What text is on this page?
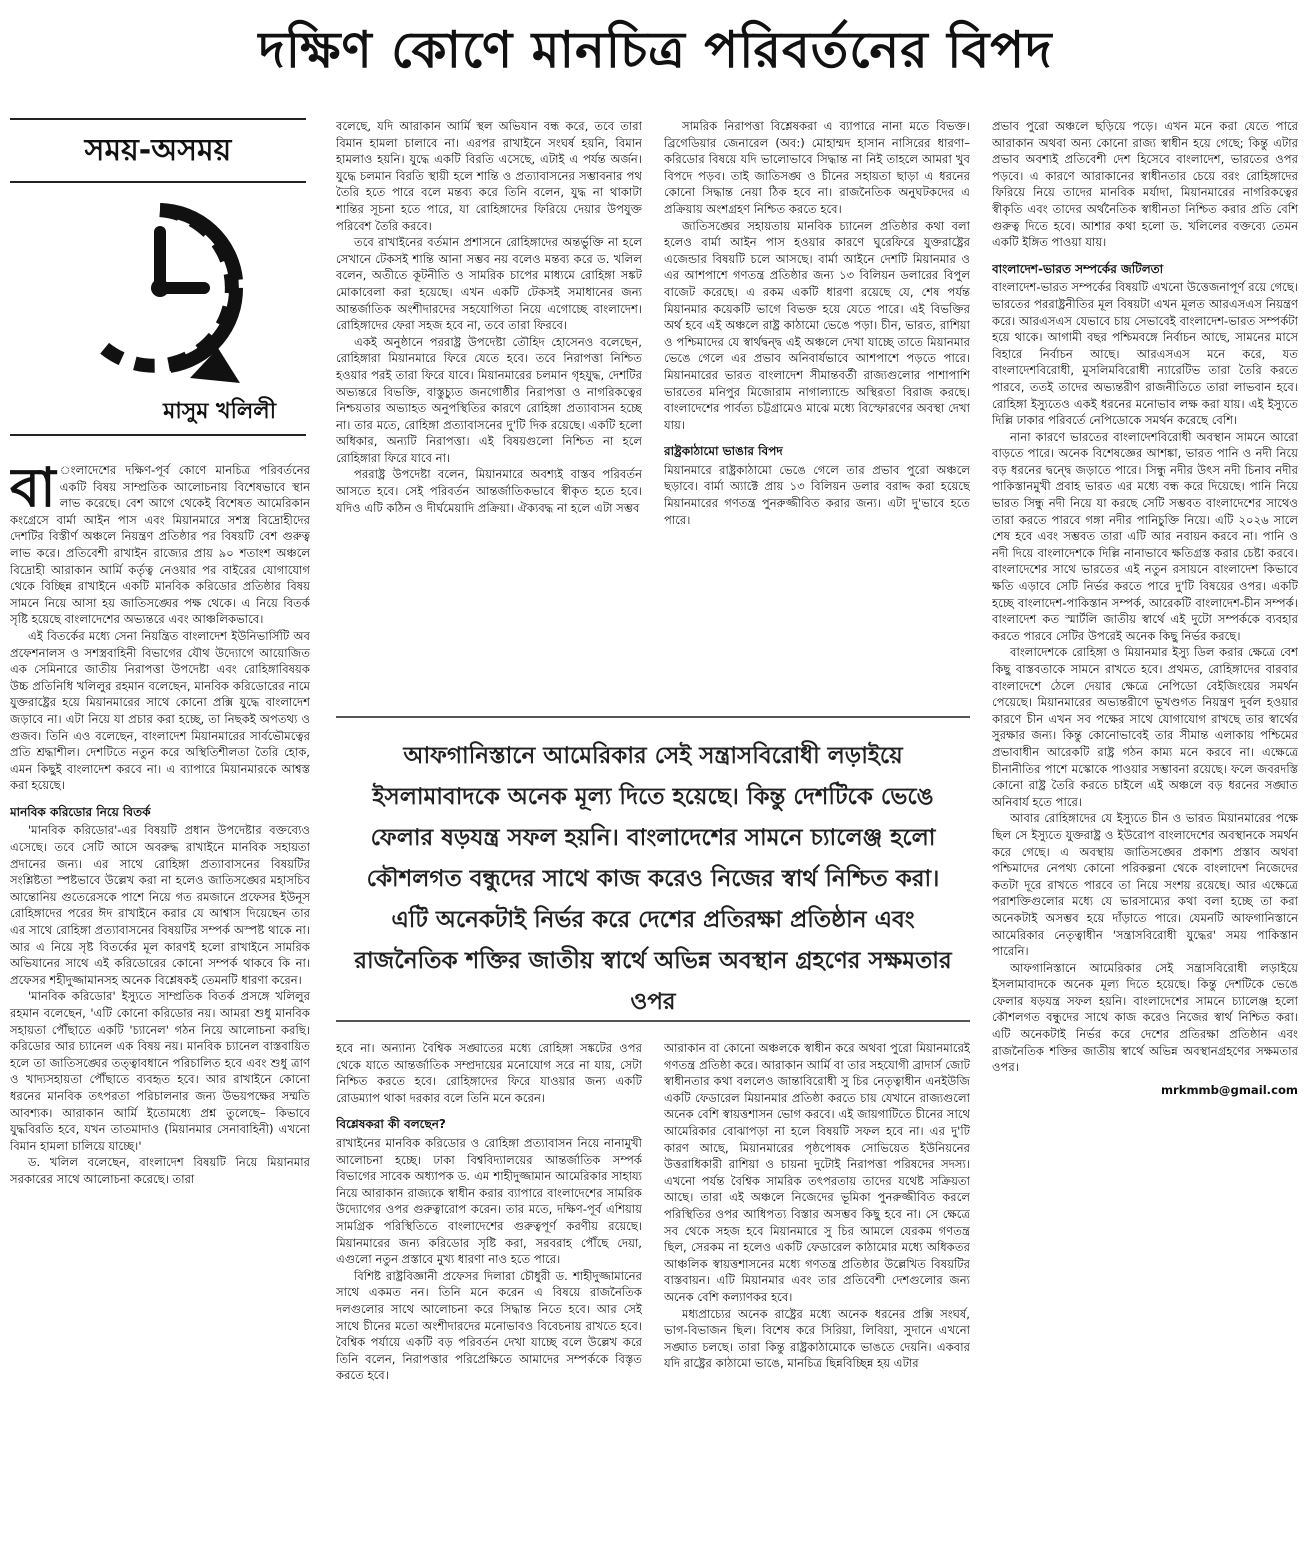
দক্ষিণ কোণে মানচিত্র পরিবর্তনের বিপদ
সময়-অসময়
মাসুম খলিলী
বা ংলাদেশের দক্ষিণ-পূর্ব কোণে মানচিত্র পরিবর্তনের একটি বিষয় সাম্প্রতিক আলোচনায় বিশেষভাবে স্থান লাভ করেছে। বেশ আগে থেকেই বিশেষত আমেরিকান কংগ্রেসে বার্মা আইন পাস এবং মিয়ানমারে সশস্ত্র বিদ্রোহীদের দেশটির বিস্তীর্ণ অঞ্চলে নিয়ন্ত্রণ প্রতিষ্ঠার পর বিষয়টি বেশ গুরুত্ব লাভ করে। প্রতিবেশী রাখাইন রাজ্যের প্রায় ৯০ শতাংশ অঞ্চলে বিদ্রোহী আরাকান আর্মি কর্তৃত্ব নেওয়ার পর বাইরের যোগাযোগ থেকে বিচ্ছিন্ন রাখাইনে একটি মানবিক করিডোর প্রতিষ্ঠার বিষয় সামনে নিয়ে আসা হয় জাতিসঙ্ঘের পক্ষ থেকে। এ নিয়ে বিতর্ক সৃষ্টি হয়েছে বাংলাদেশের অভ্যন্তরে এবং আঞ্চলিকভাবে।

এই বিতর্কের মধ্যে সেনা নিয়ন্ত্রিত বাংলাদেশ ইউনিভার্সিটি অব প্রফেশনালস ও সশস্ত্রবাহিনী বিভাগের যৌথ উদ্যোগে আয়োজিত এক সেমিনারে জাতীয় নিরাপত্তা উপদেষ্টা এবং রোহিঙ্গাবিষয়ক উচ্চ প্রতিনিধি খলিলুর রহমান বলেছেন, মানবিক করিডোরের নামে যুক্তরাষ্ট্রের হয়ে মিয়ানমারের সাথে কোনো প্রক্সি যুদ্ধে বাংলাদেশ জড়াবে না। এটা নিয়ে যা প্রচার করা হচ্ছে, তা নিছকই অপতথ্য ও গুজব। তিনি এও বলেছেন, বাংলাদেশ মিয়ানমারের সার্বভৌমত্বের প্রতি শ্রদ্ধাশীল। দেশটিতে নতুন করে অস্থিতিশীলতা তৈরি হোক, এমন কিছুই বাংলাদেশ করবে না। এ ব্যাপারে মিয়ানমারকে আশ্বস্ত করা হয়েছে।

মানবিক করিডোর নিয়ে বিতর্ক

'মানবিক করিডোর'-এর বিষয়টি প্রধান উপদেষ্টার বক্তব্যেও এসেছে। তবে সেটি আসে অবরুদ্ধ রাখাইনে মানবিক সহায়তা প্রদানের জন্য। এর সাথে রোহিঙ্গা প্রত্যাবাসনের বিষয়টির সংশ্লিষ্টতা স্পষ্টভাবে উল্লেখ করা না হলেও জাতিসঙ্ঘের মহাসচিব আন্তোনিয় গুতেরেসকে পাশে নিয়ে গত রমজানে প্রফেসর ইউনূস রোহিঙ্গাদের পরের ঈদ রাখাইনে করার যে আশ্বাস দিয়েছেন তার এর সাথে রোহিঙ্গা প্রত্যাবাসনের বিষয়টির সম্পর্ক অস্পষ্ট থাকে না। আর এ নিয়ে সৃষ্ট বিতর্কের মূল কারণই হলো রাখাইনে সামরিক অভিযানের সাথে এই করিডোরের কোনো সম্পর্ক থাকবে কি না। প্রফেসর শহীদুজ্জামানসহ অনেক বিশ্লেষকই তেমনটি ধারণা করেন।

'মানবিক করিডোর' ইস্যুতে সাম্প্রতিক বিতর্ক প্রসঙ্গে খলিলুর রহমান বলেছেন, 'এটি কোনো করিডোর নয়। আমরা শুধু মানবিক সহায়তা পৌঁছাতে একটি 'চ্যানেল' গঠন নিয়ে আলোচনা করছি। করিডোর আর চ্যানেল এক বিষয় নয়। মানবিক চ্যানেল বাস্তবায়িত হলে তা জাতিসঙ্ঘের তত্ত্বাবধানে পরিচালিত হবে এবং শুধু ত্রাণ ও খাদ্যসহায়তা পৌঁছাতে ব্যবহৃত হবে। আর রাখাইনে কোনো ধরনের মানবিক তৎপরতা পরিচালনার জন্য উভয়পক্ষের সম্মতি আবশ্যক। আরাকান আর্মি ইতোমধ্যে প্রশ্ন তুলেছে– কিভাবে যুদ্ধবিরতি হবে, যখন তাতমাদাও (মিয়ানমার সেনাবাহিনী) এখনো বিমান হামলা চালিয়ে যাচ্ছে।'

ড. খলিল বলেছেন, বাংলাদেশ বিষয়টি নিয়ে মিয়ানমার সরকারের সাথে আলোচনা করেছে। তারা

বলেছে, যদি আরাকান আর্মি স্থল অভিযান বন্ধ করে, তবে তারা বিমান হামলা চালাবে না। এরপর রাখাইনে সংঘর্ষ হয়নি, বিমান হামলাও হয়নি। যুদ্ধে একটি বিরতি এসেছে, এটাই এ পর্যন্ত অর্জন। যুদ্ধে চলমান বিরতি স্থায়ী হলে শান্তি ও প্রত্যাবাসনের সম্ভাবনার পথ তৈরি হতে পারে বলে মন্তব্য করে তিনি বলেন, যুদ্ধ না থাকাটা শান্তির সূচনা হতে পারে, যা রোহিঙ্গাদের ফিরিয়ে দেয়ার উপযুক্ত পরিবেশ তৈরি করবে।

তবে রাখাইনের বর্তমান প্রশাসনে রোহিঙ্গাদের অন্তর্ভুক্তি না হলে সেখানে টেকসই শান্তি আনা সম্ভব নয় বলেও মন্তব্য করে ড. খলিল বলেন, অতীতে কূটনীতি ও সামরিক চাপের মাধ্যমে রোহিঙ্গা সঙ্কট মোকাবেলা করা হয়েছে। এখন একটি টেকসই সমাধানের জন্য আন্তর্জাতিক অংশীদারদের সহযোগিতা নিয়ে এগোচ্ছে বাংলাদেশ। রোহিঙ্গাদের ফেরা সহজ হবে না, তবে তারা ফিরবে।

একই অনুষ্ঠানে পররাষ্ট্র উপদেষ্টা তৌহিদ হোসেনও বলেছেন, রোহিঙ্গারা মিয়ানমারে ফিরে যেতে হবে। তবে নিরাপত্তা নিশ্চিত হওয়ার পরই তারা ফিরে যাবে। মিয়ানমারের চলমান গৃহযুদ্ধ, দেশটির অভ্যন্তরে বিভক্তি, বাস্তুচ্যুত জনগোষ্ঠীর নিরাপত্তা ও নাগরিকত্বের নিশ্চয়তার অভ্যাহত অনুপস্থিতির কারণে রোহিঙ্গা প্রত্যাবাসন হচ্ছে না। তার মতে, রোহিঙ্গা প্রত্যাবাসনের দু'টি দিক রয়েছে। একটি হলো অধিকার, অন্যটি নিরাপত্তা। এই বিষয়গুলো নিশ্চিত না হলে রোহিঙ্গারা ফিরে যাবে না।

পররাষ্ট্র উপদেষ্টা বলেন, মিয়ানমারে অবশ্যই বাস্তব পরিবর্তন আসতে হবে। সেই পরিবর্তন আন্তর্জাতিকভাবে স্বীকৃত হতে হবে। যদিও এটি কঠিন ও দীর্ঘমেয়াদি প্রক্রিয়া। ঐক্যবদ্ধ না হলে এটা সম্ভব

সামরিক নিরাপত্তা বিশ্লেষকরা এ ব্যাপারে নানা মতে বিভক্ত। ব্রিগেডিয়ার জেনারেল (অব:) মোহাম্মদ হাসান নাসিরের ধারণা– করিডোর বিষয়ে যদি ভালোভাবে সিদ্ধান্ত না নিই তাহলে আমরা খুব বিপদে পড়ব। তাই জাতিসঙ্ঘ ও চীনের সহায়তা ছাড়া এ ধরনের কোনো সিদ্ধান্ত নেয়া ঠিক হবে না। রাজনৈতিক অনুঘটকদের এ প্রক্রিয়ায় অংশগ্রহণ নিশ্চিত করতে হবে।

জাতিসঙ্ঘের সহায়তায় মানবিক চ্যানেল প্রতিষ্ঠার কথা বলা হলেও বার্মা আইন পাস হওয়ার কারণে ঘুরেফিরে যুক্তরাষ্ট্রের এজেন্ডার বিষয়টি চলে আসছে। বার্মা আইনে দেশটি মিয়ানমার ও এর আশপাশে গণতন্ত্র প্রতিষ্ঠার জন্য ১৩ বিলিয়ন ডলারের বিপুল বাজেট করেছে। এ রকম একটি ধারণা রয়েছে যে, শেষ পর্যন্ত মিয়ানমার কয়েকটি ভাগে বিভক্ত হয়ে যেতে পারে। এই বিভক্তির অর্থ হবে এই অঞ্চলে রাষ্ট্র কাঠামো ভেঙে পড়া। চীন, ভারত, রাশিয়া ও পশ্চিমাদের যে স্বার্থদ্বন্দ্ব এই অঞ্চলে দেখা যাচ্ছে তাতে মিয়ানমার ভেঙে গেলে এর প্রভাব অনিবার্যভাবে আশপাশে পড়তে পারে। মিয়ানমারের ভারত বাংলাদেশ সীমান্তবর্তী রাজ্যগুলোর পাশাপাশি ভারতের মনিপুর মিজোরাম নাগাল্যান্ডে অস্থিরতা বিরাজ করছে। বাংলাদেশের পার্বত্য চট্টগ্রামেও মাঝে মধ্যে বিস্ফোরণের অবস্থা দেখা যায়।

রাষ্ট্রকাঠামো ভাঙার বিপদ

মিয়ানমারে রাষ্ট্রকাঠামো ভেঙে গেলে তার প্রভাব পুরো অঞ্চলে ছড়াবে। বার্মা অ্যাক্টে প্রায় ১৩ বিলিয়ন ডলার বরাদ্দ করা হয়েছে মিয়ানমারের গণতন্ত্র পুনরুজ্জীবিত করার জন্য। এটা দু'ভাবে হতে পারে।

আফগানিস্তানে আমেরিকার সেই সন্ত্রাসবিরোধী লড়াইয়ে ইসলামাবাদকে অনেক মূল্য দিতে হয়েছে। কিন্তু দেশটিকে ভেঙে ফেলার ষড়যন্ত্র সফল হয়নি। বাংলাদেশের সামনে চ্যালেঞ্জ হলো কৌশলগত বন্ধুদের সাথে কাজ করেও নিজের স্বার্থ নিশ্চিত করা। এটি অনেকটাই নির্ভর করে দেশের প্রতিরক্ষা প্রতিষ্ঠান এবং রাজনৈতিক শক্তির জাতীয় স্বার্থে অভিন্ন অবস্থান গ্রহণের সক্ষমতার ওপর

হবে না। অন্যান্য বৈশ্বিক সঙ্ঘাতের মধ্যে রোহিঙ্গা সঙ্কটের ওপর থেকে যাতে আন্তর্জাতিক সম্প্রদায়ের মনোযোগ সরে না যায়, সেটা নিশ্চিত করতে হবে। রোহিঙ্গাদের ফিরে যাওয়ার জন্য একটি রোডম্যাপ থাকা দরকার বলে তিনি মনে করেন।

বিশ্লেষকরা কী বলছেন?

রাখাইনের মানবিক করিডোর ও রোহিঙ্গা প্রত্যাবাসন নিয়ে নানামুখী আলোচনা হচ্ছে। ঢাকা বিশ্ববিদ্যালয়ের আন্তর্জাতিক সম্পর্ক বিভাগের সাবেক অধ্যাপক ড. এম শাহীদুজ্জামান আমেরিকার সাহায্য নিয়ে আরাকান রাজ্যকে স্বাধীন করার ব্যাপারে বাংলাদেশের সামরিক উদ্যোগের ওপর গুরুত্বারোপ করেন। তার মতে, দক্ষিণ-পূর্ব এশিয়ায় সামগ্রিক পরিস্থিতিতে বাংলাদেশের গুরুত্বপূর্ণ করণীয় রয়েছে। মিয়ানমারের জন্য করিডোর সৃষ্টি করা, সরবরাহ পৌঁছে দেয়া, এগুলো নতুন প্রস্তাবে মুখ্য ধারণা নাও হতে পারে।

বিশিষ্ট রাষ্ট্রবিজ্ঞানী প্রফেসর দিলারা চৌধুরী ড. শাহীদুজ্জামানের সাথে একমত নন। তিনি মনে করেন এ বিষয়ে রাজনৈতিক দলগুলোর সাথে আলোচনা করে সিদ্ধান্ত নিতে হবে। আর সেই সাথে চীনের মতো অংশীদারদের মনোভাবও বিবেচনায় রাখতে হবে। বৈশ্বিক পর্যায়ে একটি বড় পরিবর্তন দেখা যাচ্ছে বলে উল্লেখ করে তিনি বলেন, নিরাপত্তার পরিপ্রেক্ষিতে আমাদের সম্পর্ককে বিস্তৃত করতে হবে।

আরাকান বা কোনো অঞ্চলকে স্বাধীন করে অথবা পুরো মিয়ানমারেই গণতন্ত্র প্রতিষ্ঠা করে। আরাকান আর্মি বা তার সহযোগী ব্রাদার্স জোট স্বাধীনতার কথা বললেও জান্তাবিরোধী সু চির নেতৃত্বাধীন এনইউজি একটি ফেডারেল মিয়ানমার প্রতিষ্ঠা করতে চায় যেখানে রাজ্যগুলো অনেক বেশি স্বায়ত্তশাসন ভোগ করবে। এই জায়গাটিতে চীনের সাথে আমেরিকার বোঝাপড়া না হলে বিষয়টি সফল হবে না। এর দু'টি কারণ আছে, মিয়ানমারের পৃষ্ঠপোষক সোভিয়েত ইউনিয়নের উত্তরাধিকারী রাশিয়া ও চায়না দুটোই নিরাপত্তা পরিষদের সদস্য। এখনো পর্যন্ত বৈশ্বিক সামরিক তৎপরতায় তাদের যথেষ্ট সক্রিয়তা আছে। তারা এই অঞ্চলে নিজেদের ভূমিকা পুনরুজ্জীবিত করলে পরিস্থিতির ওপর আধিপত্য বিস্তার অসম্ভব কিছু হবে না। সে ক্ষেত্রে সব থেকে সহজ হবে মিয়ানমারে সু চির আমলে যেরকম গণতন্ত্র ছিল, সেরকম না হলেও একটি ফেডারেল কাঠামোর মধ্যে অধিকতর আঞ্চলিক স্বায়ত্তশাসনের মধ্যে গণতন্ত্র প্রতিষ্ঠার উল্লেখিত বিষয়টির বাস্তবায়ন। এটি মিয়ানমার এবং তার প্রতিবেশী দেশগুলোর জন্য অনেক বেশি কল্যাণকর হবে।

মধ্যপ্রাচ্যের অনেক রাষ্ট্রের মধ্যে অনেক ধরনের প্রক্সি সংঘর্ষ, ভাগ-বিভাজন ছিল। বিশেষ করে সিরিয়া, লিবিয়া, সুদানে এখনো সঙ্ঘাত চলছে। তারা কিন্তু রাষ্ট্রকাঠামোকে ভাঙতে দেয়নি। একবার যদি রাষ্ট্রের কাঠামো ভাঙে, মানচিত্র ছিন্নবিচ্ছিন্ন হয় এটার

প্রভাব পুরো অঞ্চলে ছড়িয়ে পড়ে। এখন মনে করা যেতে পারে আরাকান অথবা অন্য কোনো রাজ্য স্বাধীন হয়ে গেছে; কিন্তু এটার প্রভাব অবশ্যই প্রতিবেশী দেশ হিসেবে বাংলাদেশ, ভারতের ওপর পড়বে। এ কারণে আরাকানের স্বাধীনতার চেয়ে বরং রোহিঙ্গাদের ফিরিয়ে নিয়ে তাদের মানবিক মর্যাদা, মিয়ানমারের নাগরিকত্বের স্বীকৃতি এবং তাদের অর্থনৈতিক স্বাধীনতা নিশ্চিত করার প্রতি বেশি গুরুত্ব দিতে হবে। আশার কথা হলো ড. খলিলের বক্তব্যে তেমন একটি ইঙ্গিত পাওয়া যায়।

বাংলাদেশ-ভারত সম্পর্কের জটিলতা

বাংলাদেশ-ভারত সম্পর্কের বিষয়টি এখনো উত্তেজনাপূর্ণ রয়ে গেছে। ভারতের পররাষ্ট্রনীতির মূল বিষয়টা এখন মূলত আরএসএস নিয়ন্ত্রণ করে। আরএসএস যেভাবে চায় সেভাবেই বাংলাদেশ-ভারত সম্পর্কটা হয়ে থাকে। আগামী বছর পশ্চিমবঙ্গে নির্বাচন আছে, সামনের মাসে বিহারে নির্বাচন আছে। আরএসএস মনে করে, যত বাংলাদেশবিরোধী, মুসলিমবিরোধী ন্যারেটিভ তারা তৈরি করতে পারবে, ততই তাদের অভ্যন্তরীণ রাজনীতিতে তারা লাভবান হবে। রোহিঙ্গা ইস্যুতেও একই ধরনের মনোভাব লক্ষ করা যায়। এই ইস্যুতে দিল্লি ঢাকার পরিবর্তে নেপিডোকে সমর্থন করেছে বেশি।

নানা কারণে ভারতের বাংলাদেশবিরোধী অবস্থান সামনে আরো বাড়তে পারে। অনেক বিশেষজ্ঞের আশঙ্কা, ভারত পানি ও নদী নিয়ে বড় ধরনের দ্বন্দ্বে জড়াতে পারে। সিন্ধু নদীর উৎস নদী চিনাব নদীর পাকিস্তানমুখী প্রবাহ ভারত এর মধ্যে বন্ধ করে দিয়েছে। পানি নিয়ে ভারত সিন্ধু নদী নিয়ে যা করছে সেটি সম্ভবত বাংলাদেশের সাথেও তারা করতে পারবে গঙ্গা নদীর পানিচুক্তি নিয়ে। এটি ২০২৬ সালে শেষ হবে এবং সম্ভবত তারা এটি আর নবায়ন করবে না। পানি ও নদী দিয়ে বাংলাদেশকে দিল্লি নানাভাবে ক্ষতিগ্রস্ত করার চেষ্টা করবে। বাংলাদেশের সাথে ভারতের এই নতুন রসায়নে বাংলাদেশ কিভাবে ক্ষতি এড়াবে সেটি নির্ভর করতে পারে দু'টি বিষয়ের ওপর। একটি হচ্ছে বাংলাদেশ-পাকিস্তান সম্পর্ক, আরেকটি বাংলাদেশ-চীন সম্পর্ক। বাংলাদেশ কত স্মার্টলি জাতীয় স্বার্থে এই দুটো সম্পর্ককে ব্যবহার করতে পারবে সেটির উপরেই অনেক কিছু নির্ভর করছে।

বাংলাদেশকে রোহিঙ্গা ও মিয়ানমার ইস্যু ডিল করার ক্ষেত্রে বেশ কিছু বাস্তবতাকে সামনে রাখতে হবে। প্রথমত, রোহিঙ্গাদের বারবার বাংলাদেশে ঠেলে দেয়ার ক্ষেত্রে নেপিডো বেইজিংয়ের সমর্থন পেয়েছে। মিয়ানমারের অভ্যন্তরীণে ভূখণ্ডগত নিয়ন্ত্রণ দুর্বল হওয়ার কারণে চীন এখন সব পক্ষের সাথে যোগাযোগ রাখছে তার স্বার্থের সুরক্ষার জন্য। কিন্তু কোনোভাবেই তার সীমান্ত এলাকায় পশ্চিমের প্রভাবাধীন আরেকটি রাষ্ট্র গঠন কাম্য মনে করবে না। এক্ষেত্রে চীনানীতির পাশে মস্কোকে পাওয়ার সম্ভাবনা রয়েছে। ফলে জবরদস্তি কোনো রাষ্ট্র তৈরি করতে চাইলে এই অঞ্চলে বড় ধরনের সঙ্ঘাত অনিবার্য হতে পারে।

আবার রোহিঙ্গাদের যে ইস্যুতে চীন ও ভারত মিয়ানমারের পক্ষে ছিল সে ইস্যুতে যুক্তরাষ্ট্র ও ইউরোপ বাংলাদেশের অবস্থানকে সমর্থন করে গেছে। এ অবস্থায় জাতিসঙ্ঘের প্রকাশ্য প্রস্তাব অথবা পশ্চিমাদের নেপথ্য কোনো পরিকল্পনা থেকে বাংলাদেশ নিজেদের কতটা দূরে রাখতে পারবে তা নিয়ে সংশয় রয়েছে। আর এক্ষেত্রে পরাশক্তিগুলোর মধ্যে যে ভারসাম্যের কথা বলা হচ্ছে তা করা অনেকটাই অসম্ভব হয়ে দাঁড়াতে পারে। যেমনটি আফগানিস্তানে আমেরিকার নেতৃত্বাধীন 'সন্ত্রাসবিরোধী যুদ্ধের' সময় পাকিস্তান পারেনি।

আফগানিস্তানে আমেরিকার সেই সন্ত্রাসবিরোধী লড়াইয়ে ইসলামাবাদকে অনেক মূল্য দিতে হয়েছে। কিন্তু দেশটিকে ভেঙে ফেলার ষড়যন্ত্র সফল হয়নি। বাংলাদেশের সামনে চ্যালেঞ্জ হলো কৌশলগত বন্ধুদের সাথে কাজ করেও নিজের স্বার্থ নিশ্চিত করা। এটি অনেকটাই নির্ভর করে দেশের প্রতিরক্ষা প্রতিষ্ঠান এবং রাজনৈতিক শক্তির জাতীয় স্বার্থে অভিন্ন অবস্থানগ্রহণের সক্ষমতার ওপর।

mrkmmb@gmail.com
